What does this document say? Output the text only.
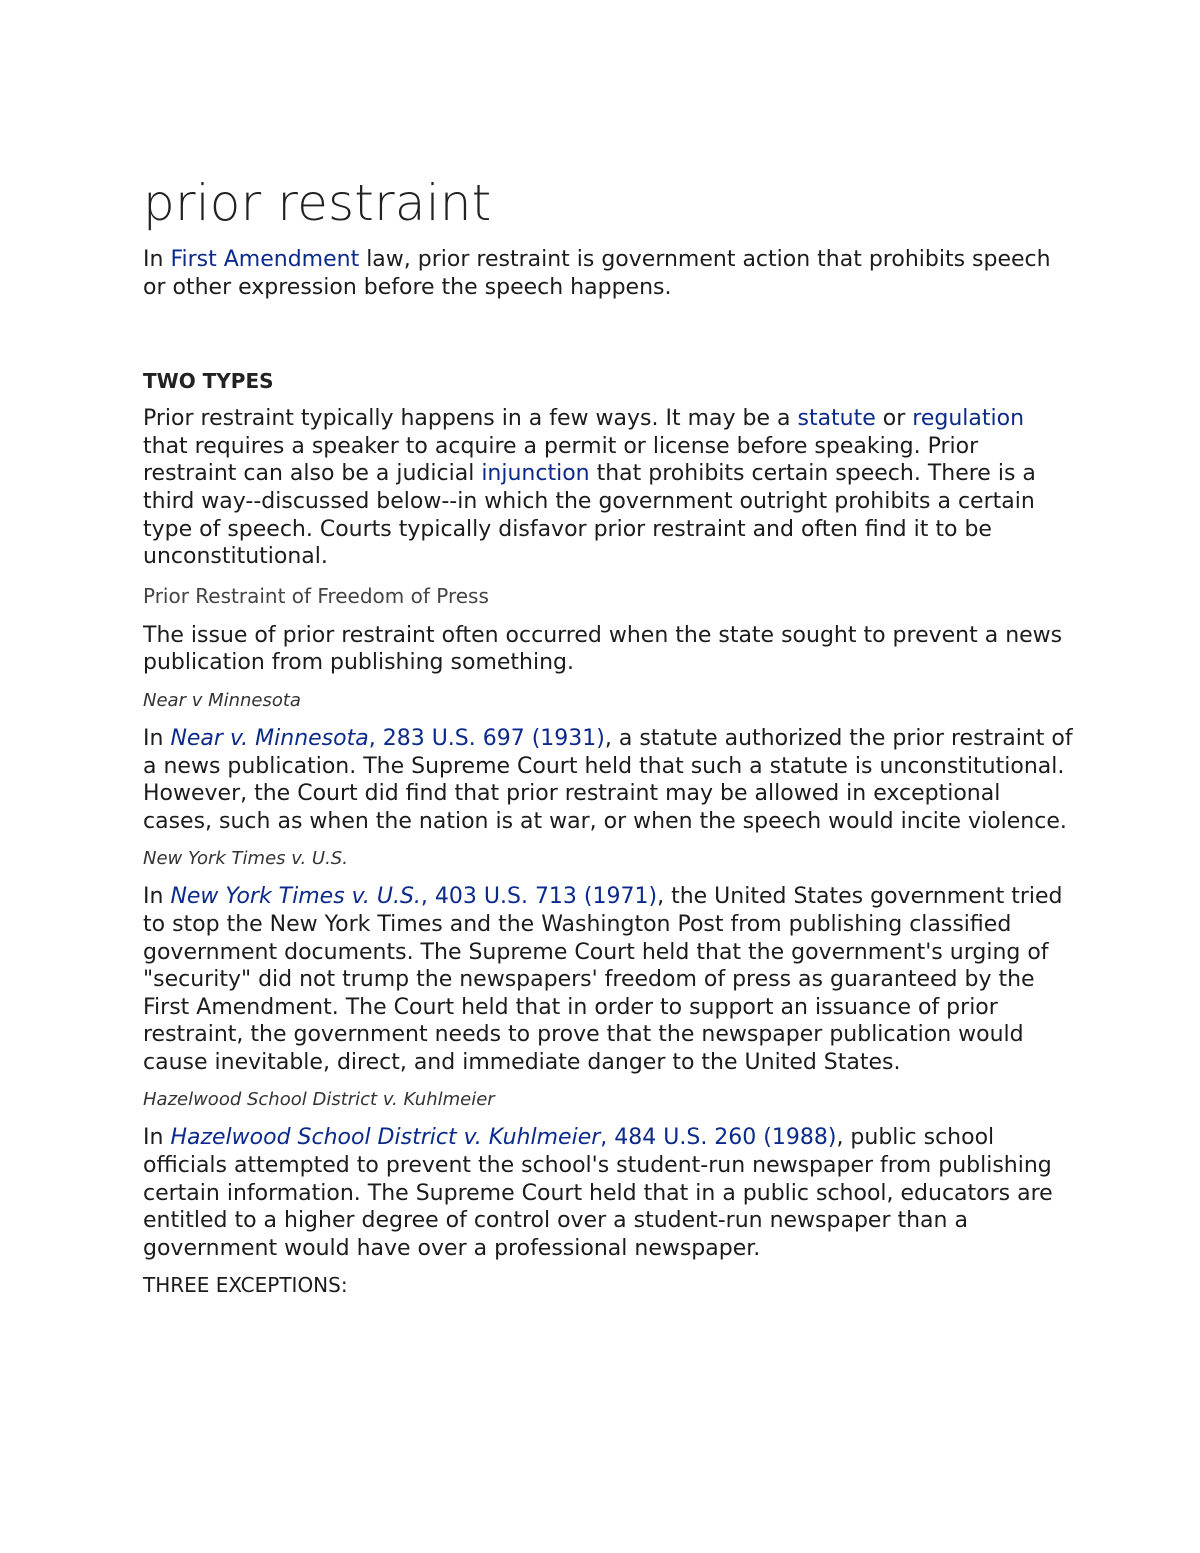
prior restraint

In First Amendment law, prior restraint is government action that prohibits speech or other expression before the speech happens.

TWO TYPES

Prior restraint typically happens in a few ways. It may be a statute or regulation that requires a speaker to acquire a permit or license before speaking. Prior restraint can also be a judicial injunction that prohibits certain speech. There is a third way--discussed below--in which the government outright prohibits a certain type of speech. Courts typically disfavor prior restraint and often find it to be unconstitutional.

Prior Restraint of Freedom of Press

The issue of prior restraint often occurred when the state sought to prevent a news publication from publishing something.

Near v Minnesota

In Near v. Minnesota, 283 U.S. 697 (1931), a statute authorized the prior restraint of a news publication. The Supreme Court held that such a statute is unconstitutional. However, the Court did find that prior restraint may be allowed in exceptional cases, such as when the nation is at war, or when the speech would incite violence.

New York Times v. U.S.

In New York Times v. U.S., 403 U.S. 713 (1971), the United States government tried to stop the New York Times and the Washington Post from publishing classified government documents. The Supreme Court held that the government's urging of "security" did not trump the newspapers' freedom of press as guaranteed by the First Amendment. The Court held that in order to support an issuance of prior restraint, the government needs to prove that the newspaper publication would cause inevitable, direct, and immediate danger to the United States.

Hazelwood School District v. Kuhlmeier

In Hazelwood School District v. Kuhlmeier, 484 U.S. 260 (1988), public school officials attempted to prevent the school's student-run newspaper from publishing certain information. The Supreme Court held that in a public school, educators are entitled to a higher degree of control over a student-run newspaper than a government would have over a professional newspaper.

THREE EXCEPTIONS:
